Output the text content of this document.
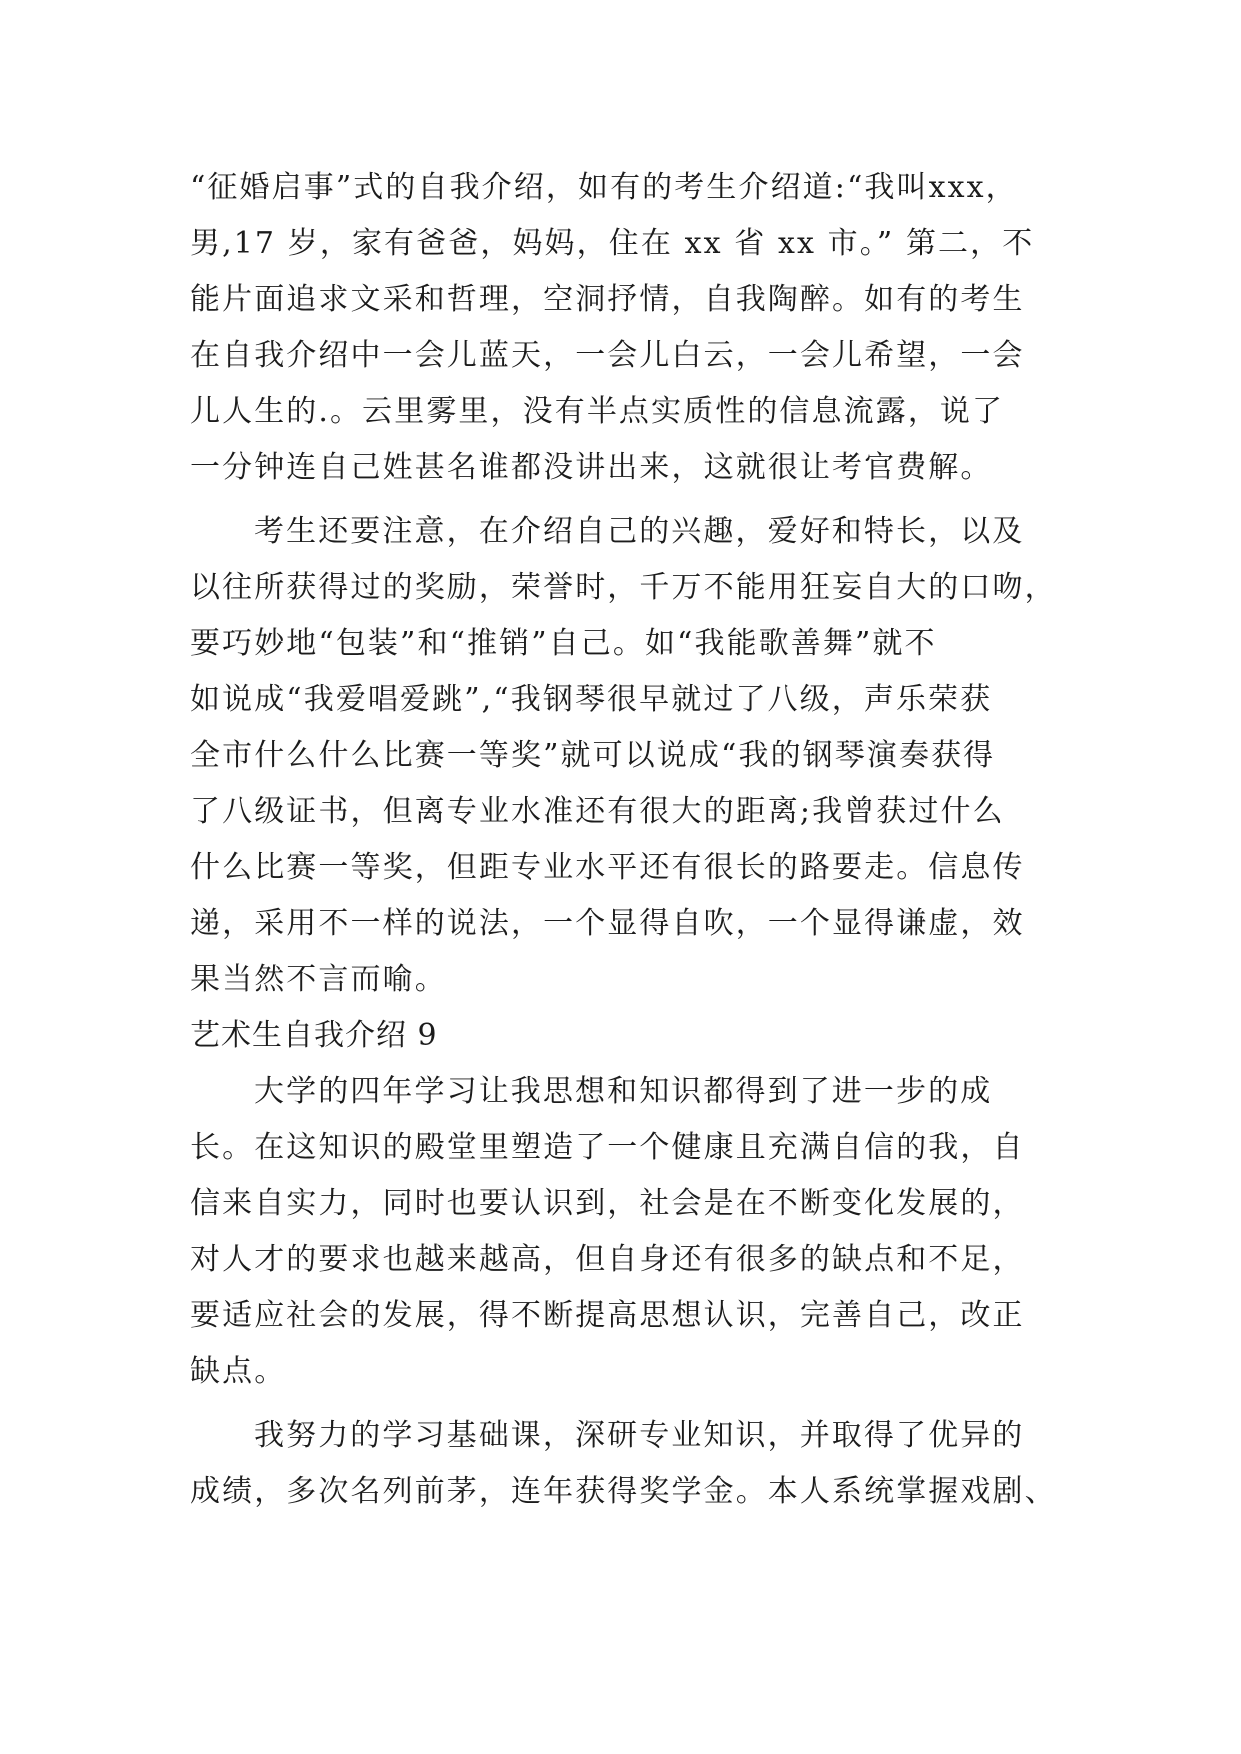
“征婚启事”式的自我介绍，如有的考生介绍道:“我叫xxx，
男,17 岁，家有爸爸，妈妈，住在 xx 省 xx 市。” 第二，不
能片面追求文采和哲理，空洞抒情，自我陶醉。如有的考生
在自我介绍中一会儿蓝天，一会儿白云，一会儿希望，一会
儿人生的.。云里雾里，没有半点实质性的信息流露，说了
一分钟连自己姓甚名谁都没讲出来，这就很让考官费解。
考生还要注意，在介绍自己的兴趣，爱好和特长，以及
以往所获得过的奖励，荣誉时，千万不能用狂妄自大的口吻，
要巧妙地“包装”和“推销”自己。如“我能歌善舞”就不
如说成“我爱唱爱跳”,“我钢琴很早就过了八级，声乐荣获
全市什么什么比赛一等奖”就可以说成“我的钢琴演奏获得
了八级证书，但离专业水准还有很大的距离;我曾获过什么
什么比赛一等奖，但距专业水平还有很长的路要走。信息传
递，采用不一样的说法，一个显得自吹，一个显得谦虚，效
果当然不言而喻。
艺术生自我介绍 9
大学的四年学习让我思想和知识都得到了进一步的成
长。在这知识的殿堂里塑造了一个健康且充满自信的我，自
信来自实力，同时也要认识到，社会是在不断变化发展的，
对人才的要求也越来越高，但自身还有很多的缺点和不足，
要适应社会的发展，得不断提高思想认识，完善自己，改正
缺点。
我努力的学习基础课，深研专业知识，并取得了优异的
成绩，多次名列前茅，连年获得奖学金。本人系统掌握戏剧、
